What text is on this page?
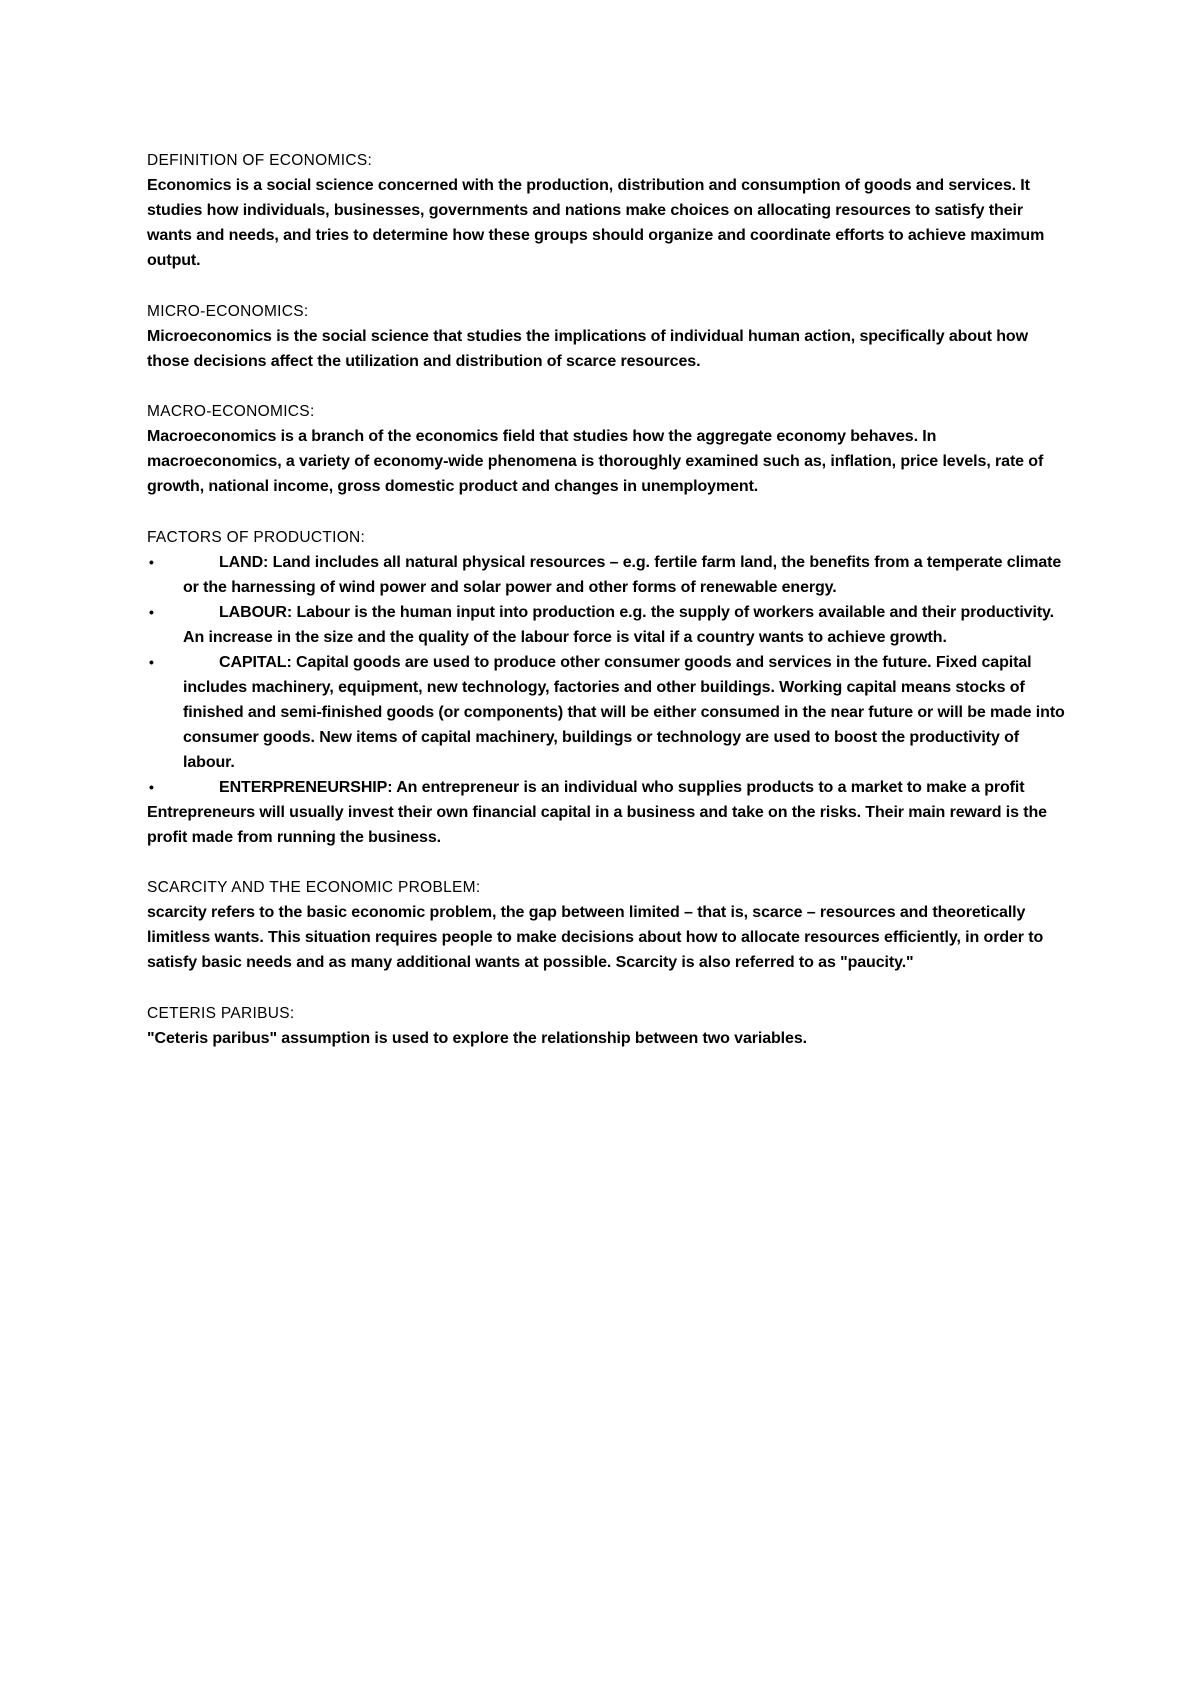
DEFINITION OF ECONOMICS:

Economics is a social science concerned with the production, distribution and consumption of goods and services. It studies how individuals, businesses, governments and nations make choices on allocating resources to satisfy their wants and needs, and tries to determine how these groups should organize and coordinate efforts to achieve maximum output.

MICRO-ECONOMICS:

Microeconomics is the social science that studies the implications of individual human action, specifically about how those decisions affect the utilization and distribution of scarce resources.

MACRO-ECONOMICS:

Macroeconomics is a branch of the economics field that studies how the aggregate economy behaves. In macroeconomics, a variety of economy-wide phenomena is thoroughly examined such as, inflation, price levels, rate of growth, national income, gross domestic product and changes in unemployment.

FACTORS OF PRODUCTION:

•	LAND: Land includes all natural physical resources – e.g. fertile farm land, the benefits from a temperate climate or the harnessing of wind power and solar power and other forms of renewable energy.
•	LABOUR: Labour is the human input into production e.g. the supply of workers available and their productivity. An increase in the size and the quality of the labour force is vital if a country wants to achieve growth.
•	CAPITAL: Capital goods are used to produce other consumer goods and services in the future. Fixed capital includes machinery, equipment, new technology, factories and other buildings. Working capital means stocks of finished and semi-finished goods (or components) that will be either consumed in the near future or will be made into consumer goods. New items of capital machinery, buildings or technology are used to boost the productivity of labour.
•	ENTERPRENEURSHIP: An entrepreneur is an individual who supplies products to a market to make a profit

Entrepreneurs will usually invest their own financial capital in a business and take on the risks. Their main reward is the profit made from running the business.

SCARCITY AND THE ECONOMIC PROBLEM:

scarcity refers to the basic economic problem, the gap between limited – that is, scarce – resources and theoretically limitless wants. This situation requires people to make decisions about how to allocate resources efficiently, in order to satisfy basic needs and as many additional wants at possible. Scarcity is also referred to as "paucity."

CETERIS PARIBUS:

"Ceteris paribus" assumption is used to explore the relationship between two variables.
